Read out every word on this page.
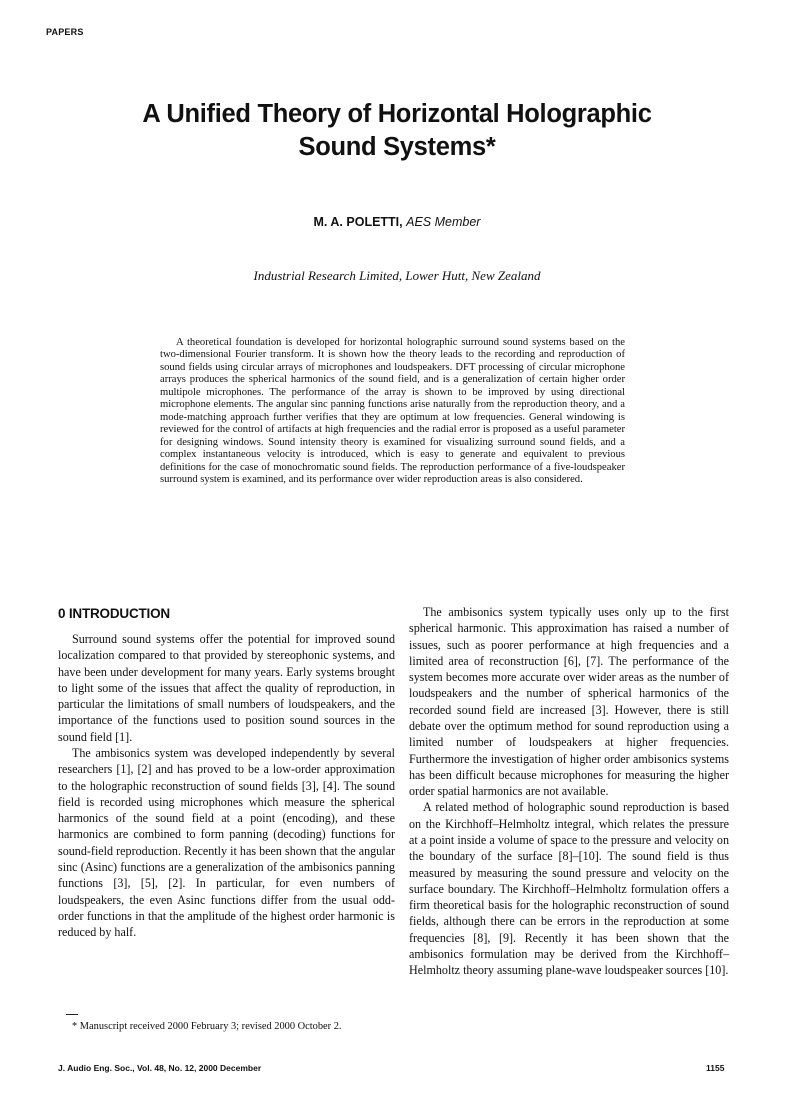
PAPERS
A Unified Theory of Horizontal Holographic
Sound Systems*
M. A. POLETTI, AES Member
Industrial Research Limited, Lower Hutt, New Zealand

A theoretical foundation is developed for horizontal holographic surround sound systems based on the two-dimensional Fourier transform. It is shown how the theory leads to the recording and reproduction of sound fields using circular arrays of microphones and loudspeakers. DFT processing of circular microphone arrays produces the spherical harmonics of the sound field, and is a generalization of certain higher order multipole microphones. The performance of the array is shown to be improved by using directional microphone elements. The angular sinc panning functions arise naturally from the reproduction theory, and a mode-matching approach further verifies that they are optimum at low frequencies. General windowing is reviewed for the control of artifacts at high frequencies and the radial error is proposed as a useful parameter for designing windows. Sound intensity theory is examined for visualizing surround sound fields, and a complex instantaneous velocity is introduced, which is easy to generate and equivalent to previous definitions for the case of monochromatic sound fields. The reproduction performance of a five-loudspeaker surround system is examined, and its performance over wider reproduction areas is also considered.

0 INTRODUCTION

Surround sound systems offer the potential for improved sound localization compared to that provided by stereophonic systems, and have been under development for many years. Early systems brought to light some of the issues that affect the quality of reproduction, in particular the limitations of small numbers of loudspeakers, and the importance of the functions used to position sound sources in the sound field [1].

The ambisonics system was developed independently by several researchers [1], [2] and has proved to be a low-order approximation to the holographic reconstruction of sound fields [3], [4]. The sound field is recorded using microphones which measure the spherical harmonics of the sound field at a point (encoding), and these harmonics are combined to form panning (decoding) functions for sound-field reproduction. Recently it has been shown that the angular sinc (Asinc) functions are a generalization of the ambisonics panning functions [3], [5], [2]. In particular, for even numbers of loudspeakers, the even Asinc functions differ from the usual odd-order functions in that the amplitude of the highest order harmonic is reduced by half.

The ambisonics system typically uses only up to the first spherical harmonic. This approximation has raised a number of issues, such as poorer performance at high frequencies and a limited area of reconstruction [6], [7]. The performance of the system becomes more accurate over wider areas as the number of loudspeakers and the number of spherical harmonics of the recorded sound field are increased [3]. However, there is still debate over the optimum method for sound reproduction using a limited number of loudspeakers at higher frequencies. Furthermore the investigation of higher order ambisonics systems has been difficult because microphones for measuring the higher order spatial harmonics are not available.

A related method of holographic sound reproduction is based on the Kirchhoff–Helmholtz integral, which relates the pressure at a point inside a volume of space to the pressure and velocity on the boundary of the surface [8]–[10]. The sound field is thus measured by measuring the sound pressure and velocity on the surface boundary. The Kirchhoff–Helmholtz formulation offers a firm theoretical basis for the holographic reconstruction of sound fields, although there can be errors in the reproduction at some frequencies [8], [9]. Recently it has been shown that the ambisonics formulation may be derived from the Kirchhoff–Helmholtz theory assuming plane-wave loudspeaker sources [10].

* Manuscript received 2000 February 3; revised 2000 October 2.

J. Audio Eng. Soc., Vol. 48, No. 12, 2000 December	1155
